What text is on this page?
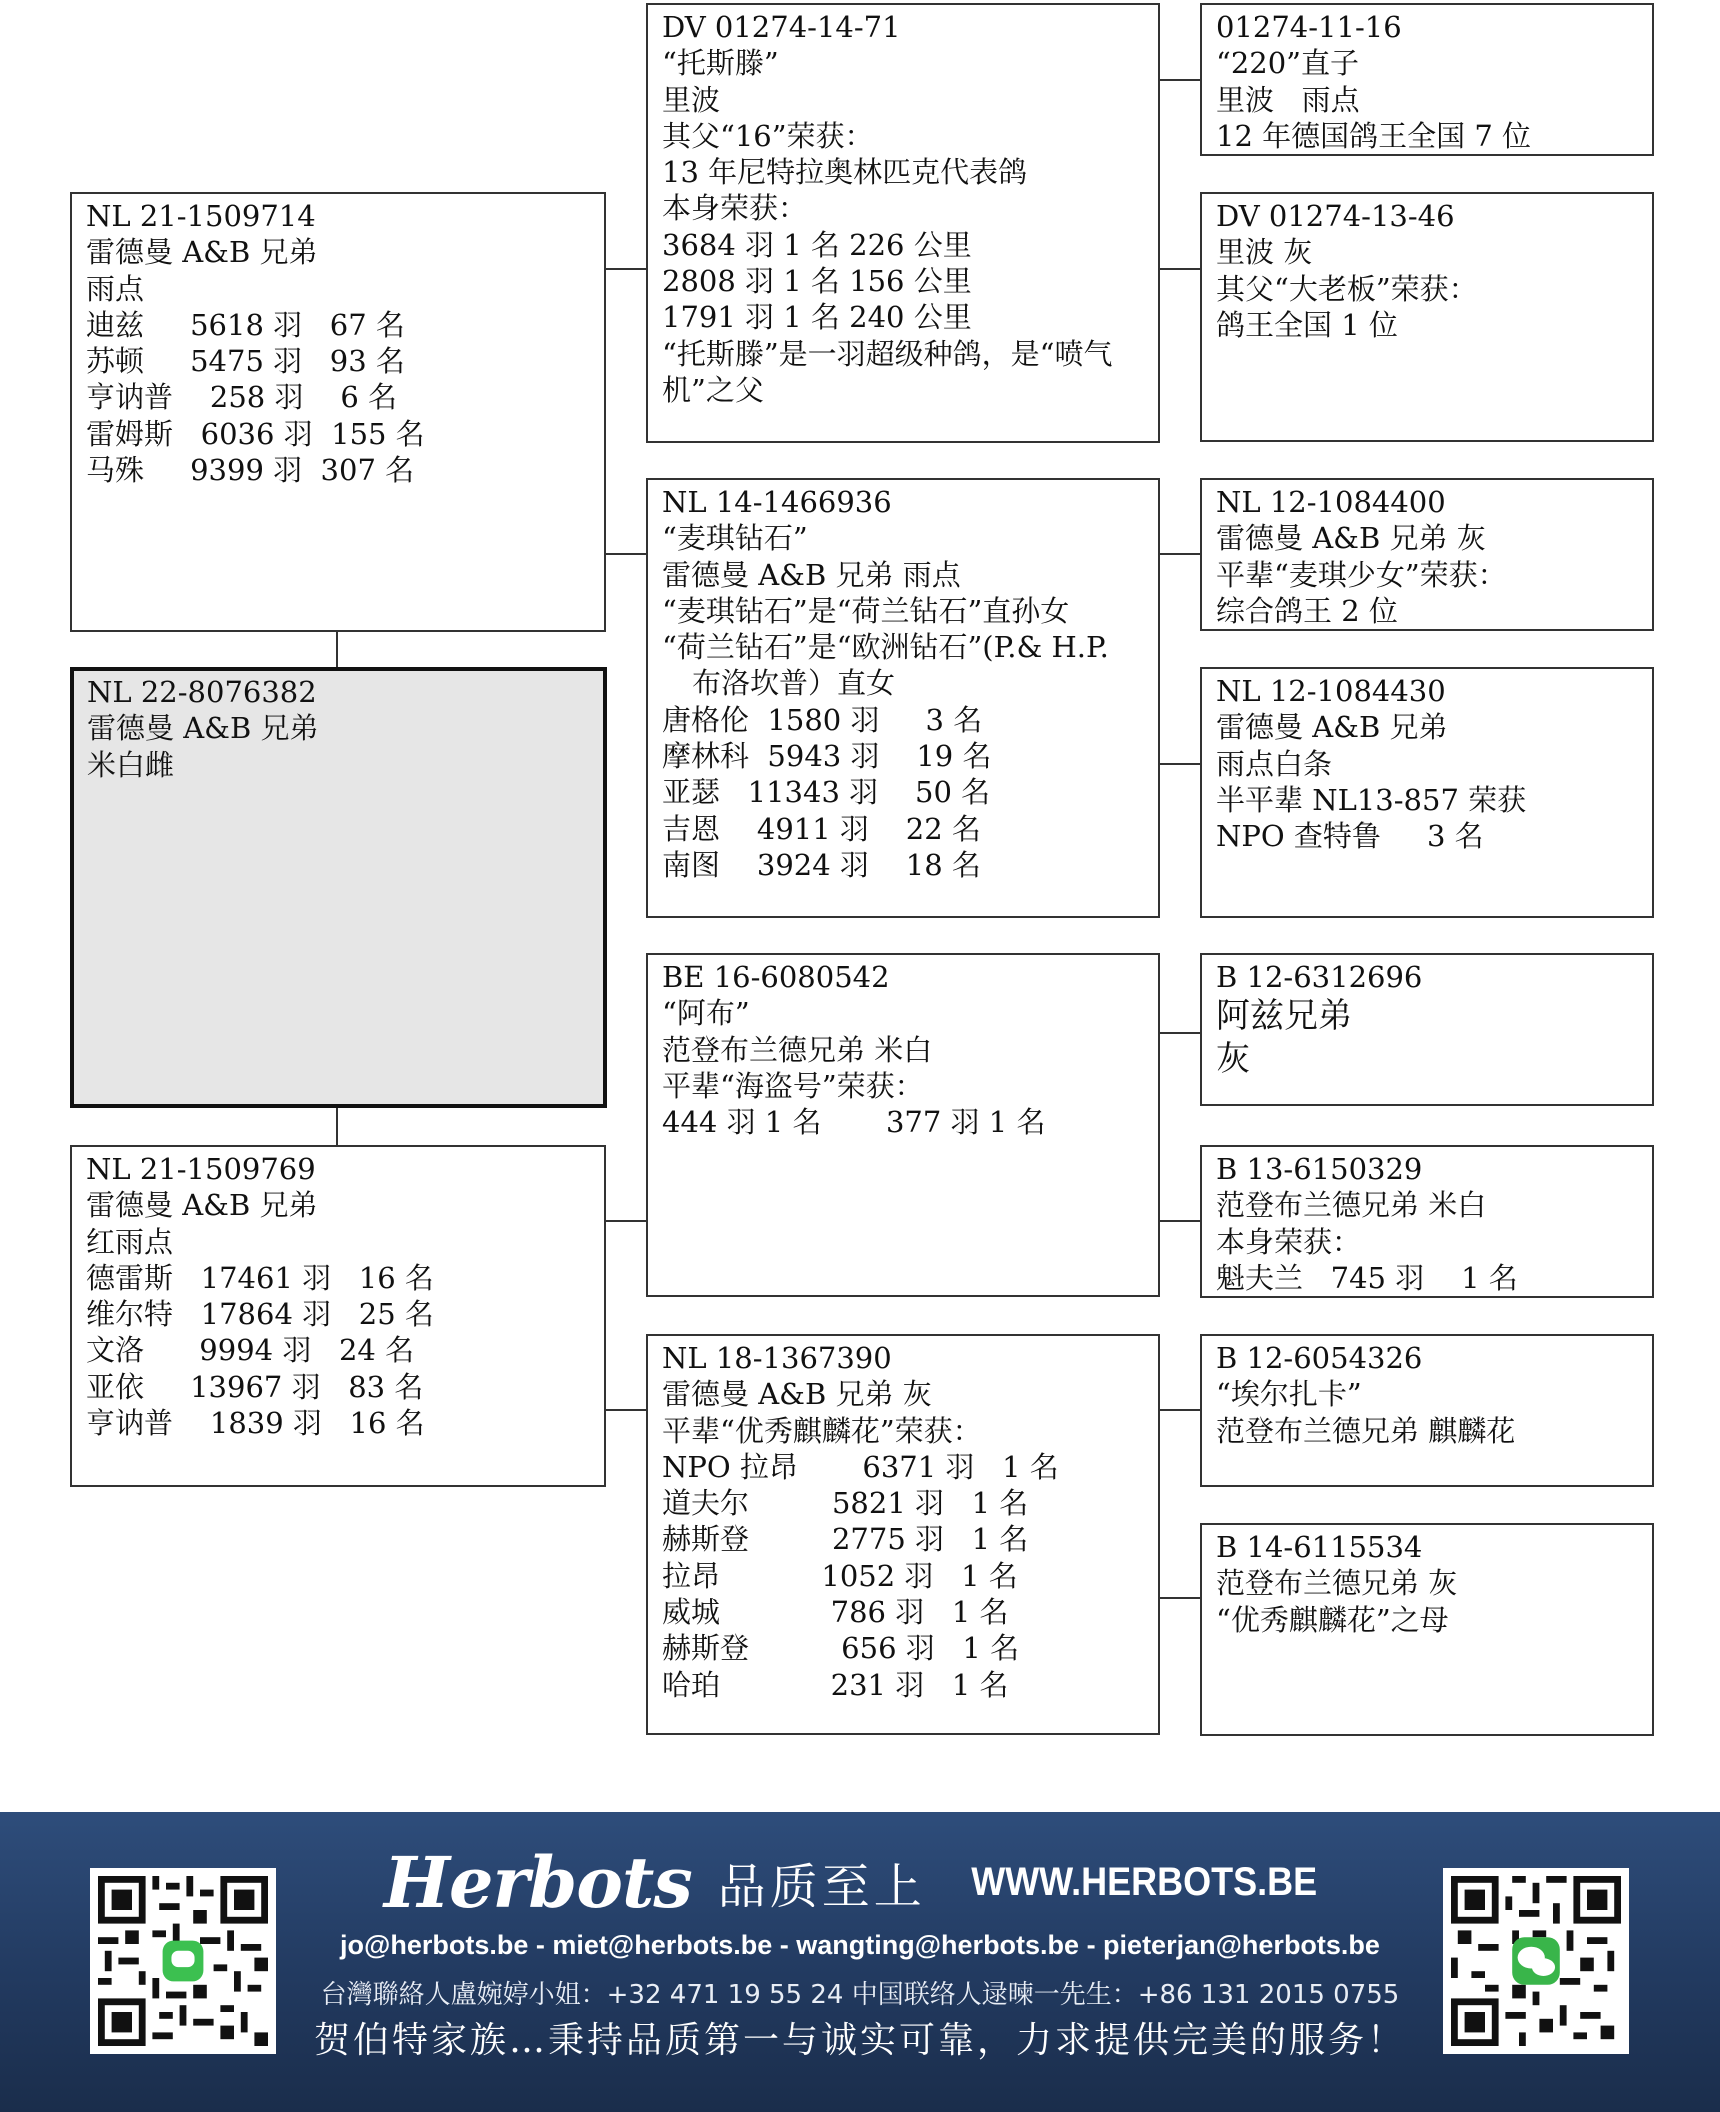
NL 21-1509714
雷德曼 A&B 兄弟
雨点
迪兹     5618 羽   67 名
苏顿     5475 羽   93 名
亨讷普    258 羽    6 名
雷姆斯   6036 羽  155 名
马殊     9399 羽  307 名
NL 22-8076382
雷德曼 A&B 兄弟
米白雌
NL 21-1509769
雷德曼 A&B 兄弟
红雨点
德雷斯   17461 羽   16 名
维尔特   17864 羽   25 名
文洛      9994 羽   24 名
亚依     13967 羽   83 名
亨讷普    1839 羽   16 名
DV 01274-14-71
“托斯滕”
里波
其父“16”荣获：
13 年尼特拉奥林匹克代表鸽
本身荣获：
3684 羽 1 名 226 公里
2808 羽 1 名 156 公里
1791 羽 1 名 240 公里
“托斯滕”是一羽超级种鸽，是“喷气机”之父
NL 14-1466936
“麦琪钻石”
雷德曼 A&B 兄弟 雨点
“麦琪钻石”是“荷兰钻石”直孙女
“荷兰钻石”是“欧洲钻石”(P.& H.P.
布洛坎普）直女
唐格伦  1580 羽     3 名
摩林科  5943 羽    19 名
亚瑟   11343 羽    50 名
吉恩    4911 羽    22 名
南图    3924 羽    18 名
BE 16-6080542
“阿布”
范登布兰德兄弟 米白
平辈“海盗号”荣获：
444 羽 1 名       377 羽 1 名
NL 18-1367390
雷德曼 A&B 兄弟 灰
平辈“优秀麒麟花”荣获：
NPO 拉昂       6371 羽   1 名
道夫尔         5821 羽   1 名
赫斯登         2775 羽   1 名
拉昂           1052 羽   1 名
威城            786 羽   1 名
赫斯登          656 羽   1 名
哈珀            231 羽   1 名
01274-11-16
“220”直子
里波   雨点
12 年德国鸽王全国 7 位
DV 01274-13-46
里波 灰
其父“大老板”荣获：
鸽王全国 1 位
NL 12-1084400
雷德曼 A&B 兄弟 灰
平辈“麦琪少女”荣获：
综合鸽王 2 位
NL 12-1084430
雷德曼 A&B 兄弟
雨点白条
半平辈 NL13-857 荣获
NPO 查特鲁     3 名
B 12-6312696
阿兹兄弟
灰
B 13-6150329
范登布兰德兄弟 米白
本身荣获：
魁夫兰   745 羽    1 名
B 12-6054326
“埃尔扎卡”
范登布兰德兄弟 麒麟花
B 14-6115534
范登布兰德兄弟 灰
“优秀麒麟花”之母
Herbots 品质至上 WWW.HERBOTS.BE
jo@herbots.be - miet@herbots.be - wangting@herbots.be - pieterjan@herbots.be
台灣聯絡人盧婉婷小姐：+32 471 19 55 24 中国联络人逯暕一先生：+86 131 2015 0755
贺伯特家族…秉持品质第一与诚实可靠，力求提供完美的服务！
